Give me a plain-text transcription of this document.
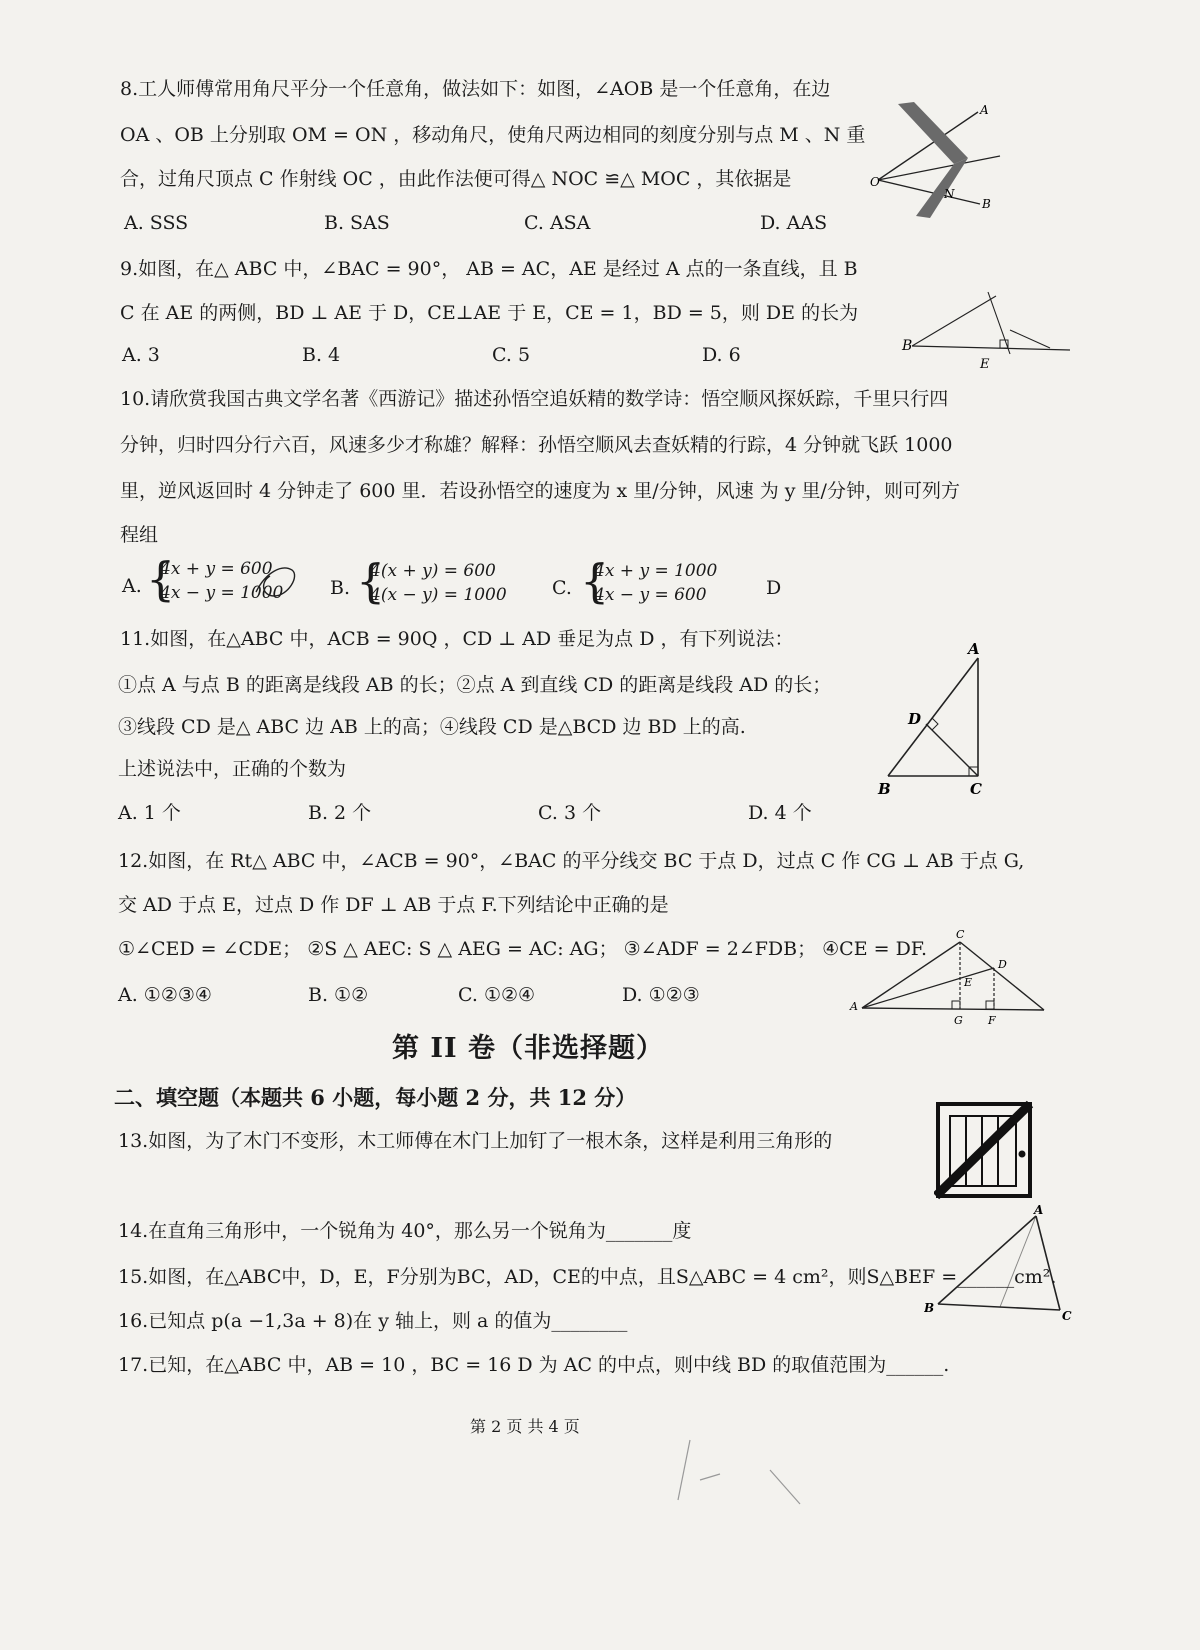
8.工人师傅常用角尺平分一个任意角，做法如下：如图，∠AOB 是一个任意角，在边
OA 、OB 上分别取 OM = ON ，移动角尺，使角尺两边相同的刻度分别与点 M 、N 重
合，过角尺顶点 C 作射线 OC ，由此作法便可得△ NOC ≌△ MOC ，其依据是
A. SSS	B. SAS	C. ASA	D. AAS
A
O
N
B
9.如图，在△ ABC 中，∠BAC = 90°， AB = AC，AE 是经过 A 点的一条直线，且 B
C 在 AE 的两侧，BD ⊥ AE 于 D，CE⊥AE 于 E，CE = 1，BD = 5，则 DE 的长为
A. 3	B. 4	C. 5	D. 6	B
E
10.请欣赏我国古典文学名著《西游记》描述孙悟空追妖精的数学诗：悟空顺风探妖踪，千里只行四
分钟，归时四分行六百，风速多少才称雄？解释：孙悟空顺风去查妖精的行踪，4 分钟就飞跃 1000
里，逆风返回时 4 分钟走了 600 里．若设孙悟空的速度为 x 里/分钟，风速 为 y 里/分钟，则可列方
程组
A. {
4x + y = 600
4x − y = 1000 B. {
4(x + y) = 600
4(x − y) = 1000 C. {
4x + y = 1000
4x − y = 600	D
11.如图，在△ABC 中，ACB = 90Q ，CD ⊥ AD 垂足为点 D ，有下列说法：
①点 A 与点 B 的距离是线段 AB 的长；②点 A 到直线 CD 的距离是线段 AD 的长；
③线段 CD 是△ ABC 边 AB 上的高；④线段 CD 是△BCD 边 BD 上的高.
上述说法中，正确的个数为
A. 1 个	B. 2 个	C. 3 个	D. 4 个
A
D
B	C
12.如图，在 Rt△ ABC 中，∠ACB = 90°，∠BAC 的平分线交 BC 于点 D，过点 C 作 CG ⊥ AB 于点 G,
交 AD 于点 E，过点 D 作 DF ⊥ AB 于点 F.下列结论中正确的是
①∠CED = ∠CDE； ②S △ AEC: S △ AEG = AC: AG； ③∠ADF = 2∠FDB； ④CE = DF.
A. ①②③④	B. ①②	C. ①②④	D. ①②③
C
D
E
A
G F
第 II 卷（非选择题）
二、填空题（本题共 6 小题，每小题 2 分，共 12 分）
13.如图，为了木门不变形，木工师傅在木门上加钉了一根木条，这样是利用三角形的
14.在直角三角形中，一个锐角为 40°，那么另一个锐角为_______度
15.如图，在△ABC中，D，E，F分别为BC，AD，CE的中点，且S△ABC = 4 cm²，则S△BEF =______cm².
A
B
C
16.已知点 p(a −1,3a + 8)在 y 轴上，则 a 的值为________
17.已知，在△ABC 中，AB = 10 ，BC = 16 D 为 AC 的中点，则中线 BD 的取值范围为______.
第 2 页 共 4 页
